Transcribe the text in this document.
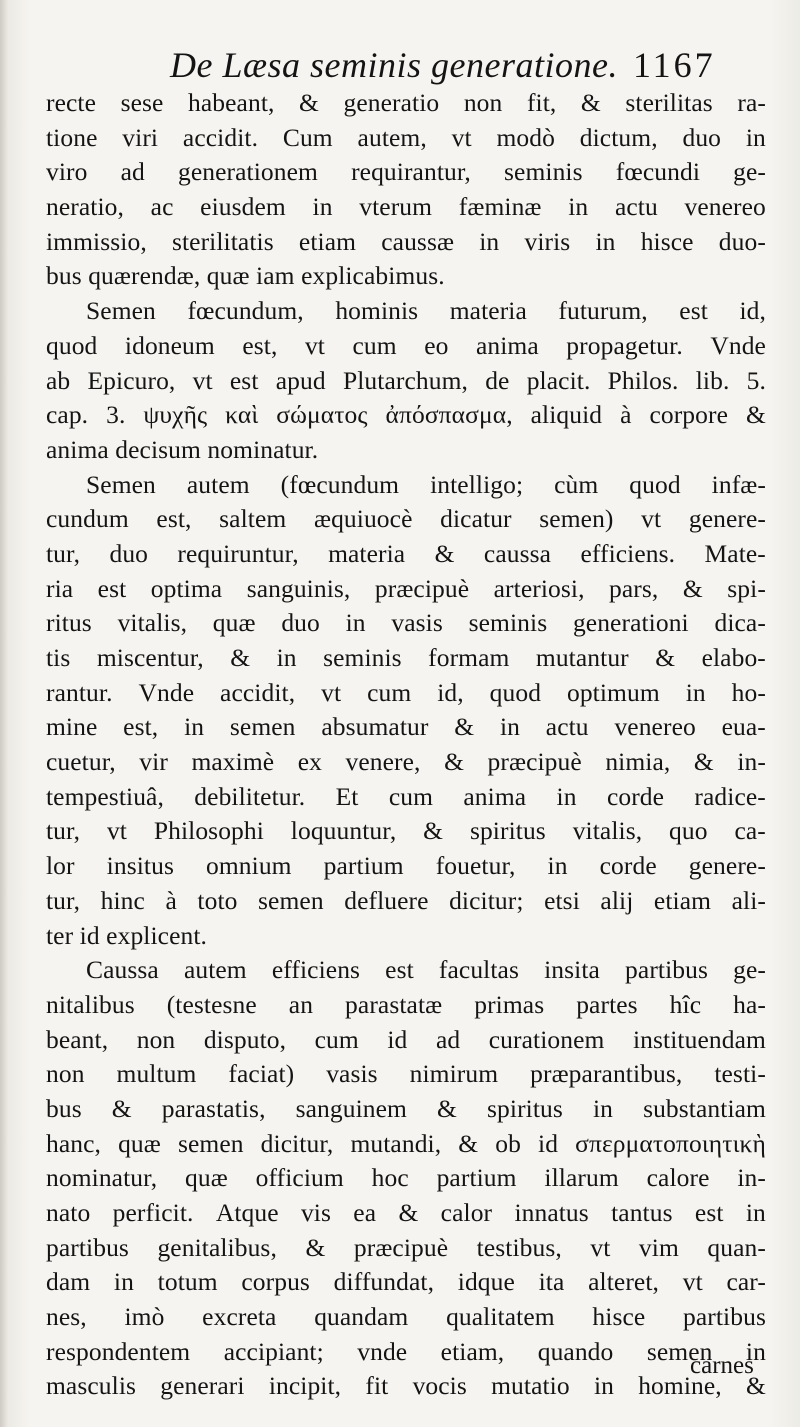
De Læsa seminis generatione. 1167
recte sese habeant, & generatio non fit, & sterilitas ra-
tione viri accidit. Cum autem, vt modò dictum, duo in
viro ad generationem requirantur, seminis fœcundi ge-
neratio, ac eiusdem in vterum fæminæ in actu venereo
immissio, sterilitatis etiam caussæ in viris in hisce duo-
bus quærendæ, quæ iam explicabimus.
Semen fœcundum, hominis materia futurum, est id,
quod idoneum est, vt cum eo anima propagetur. Vnde
ab Epicuro, vt est apud Plutarchum, de placit. Philos. lib. 5.
cap. 3. ψυχῆς καὶ σώματος ἀπόσπασμα, aliquid à corpore &
anima decisum nominatur.
Semen autem (fœcundum intelligo; cùm quod infæ-
cundum est, saltem æquiuocè dicatur semen) vt genere-
tur, duo requiruntur, materia & caussa efficiens. Mate-
ria est optima sanguinis, præcipuè arteriosi, pars, & spi-
ritus vitalis, quæ duo in vasis seminis generationi dica-
tis miscentur, & in seminis formam mutantur & elabo-
rantur. Vnde accidit, vt cum id, quod optimum in ho-
mine est, in semen absumatur & in actu venereo eua-
cuetur, vir maximè ex venere, & præcipuè nimia, & in-
tempestiuâ, debilitetur. Et cum anima in corde radice-
tur, vt Philosophi loquuntur, & spiritus vitalis, quo ca-
lor insitus omnium partium fouetur, in corde genere-
tur, hinc à toto semen defluere dicitur; etsi alij etiam ali-
ter id explicent.
Caussa autem efficiens est facultas insita partibus ge-
nitalibus (testesne an parastatæ primas partes hîc ha-
beant, non disputo, cum id ad curationem instituendam
non multum faciat) vasis nimirum præparantibus, testi-
bus & parastatis, sanguinem & spiritus in substantiam
hanc, quæ semen dicitur, mutandi, & ob id σπερματοποιητικὴ
nominatur, quæ officium hoc partium illarum calore in-
nato perficit. Atque vis ea & calor innatus tantus est in
partibus genitalibus, & præcipuè testibus, vt vim quan-
dam in totum corpus diffundat, idque ita alteret, vt car-
nes, imò excreta quandam qualitatem hisce partibus
respondentem accipiant; vnde etiam, quando semen in
masculis generari incipit, fit vocis mutatio in homine, &
carnes
